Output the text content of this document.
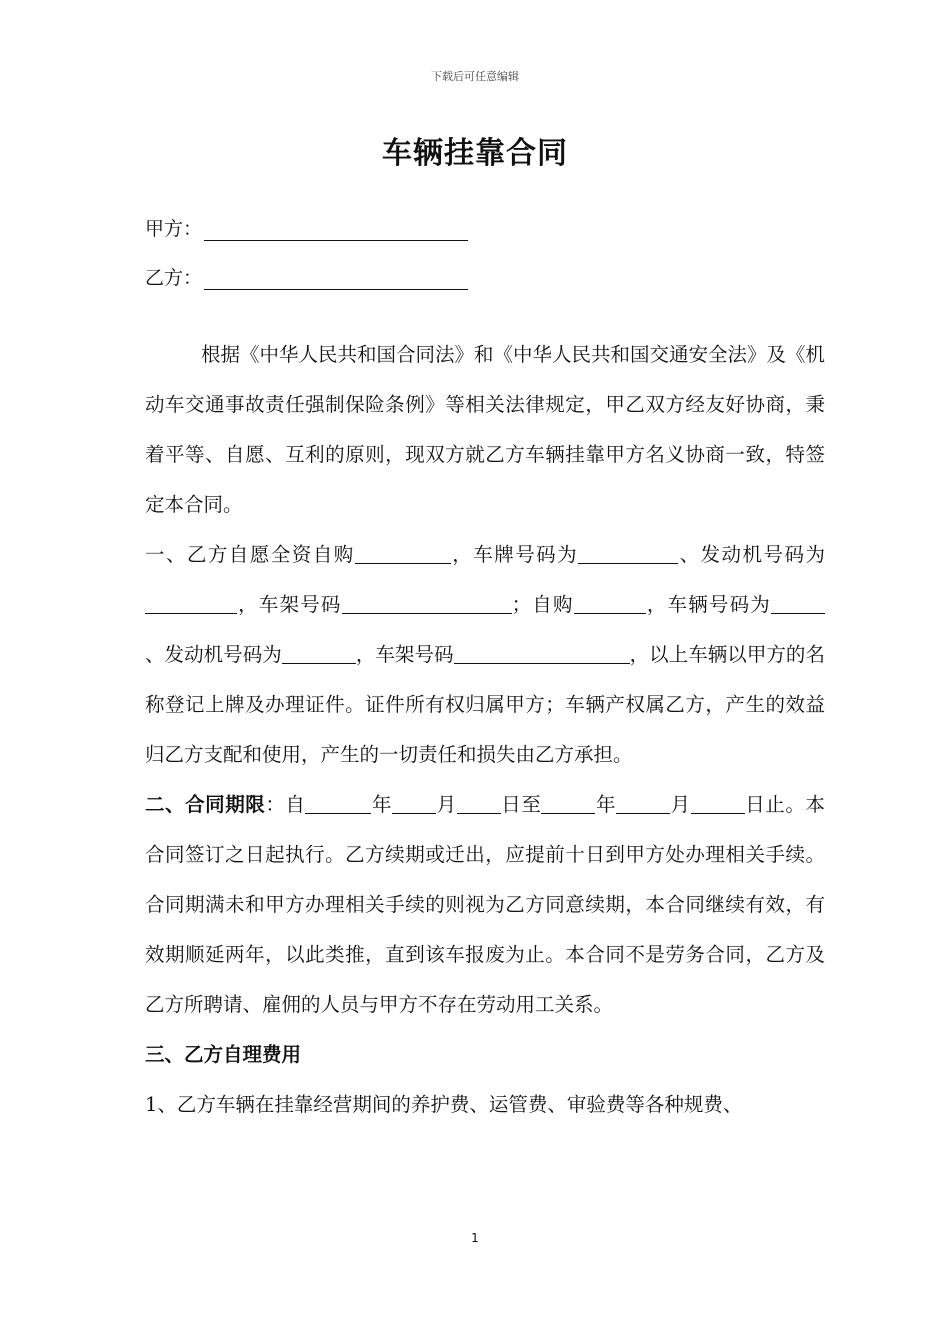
下载后可任意编辑
车辆挂靠合同
甲方：
乙方：

根据《中华人民共和国合同法》和《中华人民共和国交通安全法》及《机动车交通事故责任强制保险条例》等相关法律规定，甲乙双方经友好协商，秉着平等、自愿、互利的原则，现双方就乙方车辆挂靠甲方名义协商一致，特签定本合同。

一、乙方自愿全资自购	，车牌号码为	、发动机号码为，车架号码	；自购	，车辆号码为、发动机号码为	，车架号码	，以上车辆以甲方的名称登记上牌及办理证件。证件所有权归属甲方；车辆产权属乙方，产生的效益归乙方支配和使用，产生的一切责任和损失由乙方承担。

二、合同期限：自	年 月 日至	年	月	日止。本合同签订之日起执行。乙方续期或迁出，应提前十日到甲方处办理相关手续。合同期满未和甲方办理相关手续的则视为乙方同意续期，本合同继续有效，有效期顺延两年，以此类推，直到该车报废为止。本合同不是劳务合同，乙方及乙方所聘请、雇佣的人员与甲方不存在劳动用工关系。

三、乙方自理费用

1、乙方车辆在挂靠经营期间的养护费、运管费、审验费等各种规费、

1
